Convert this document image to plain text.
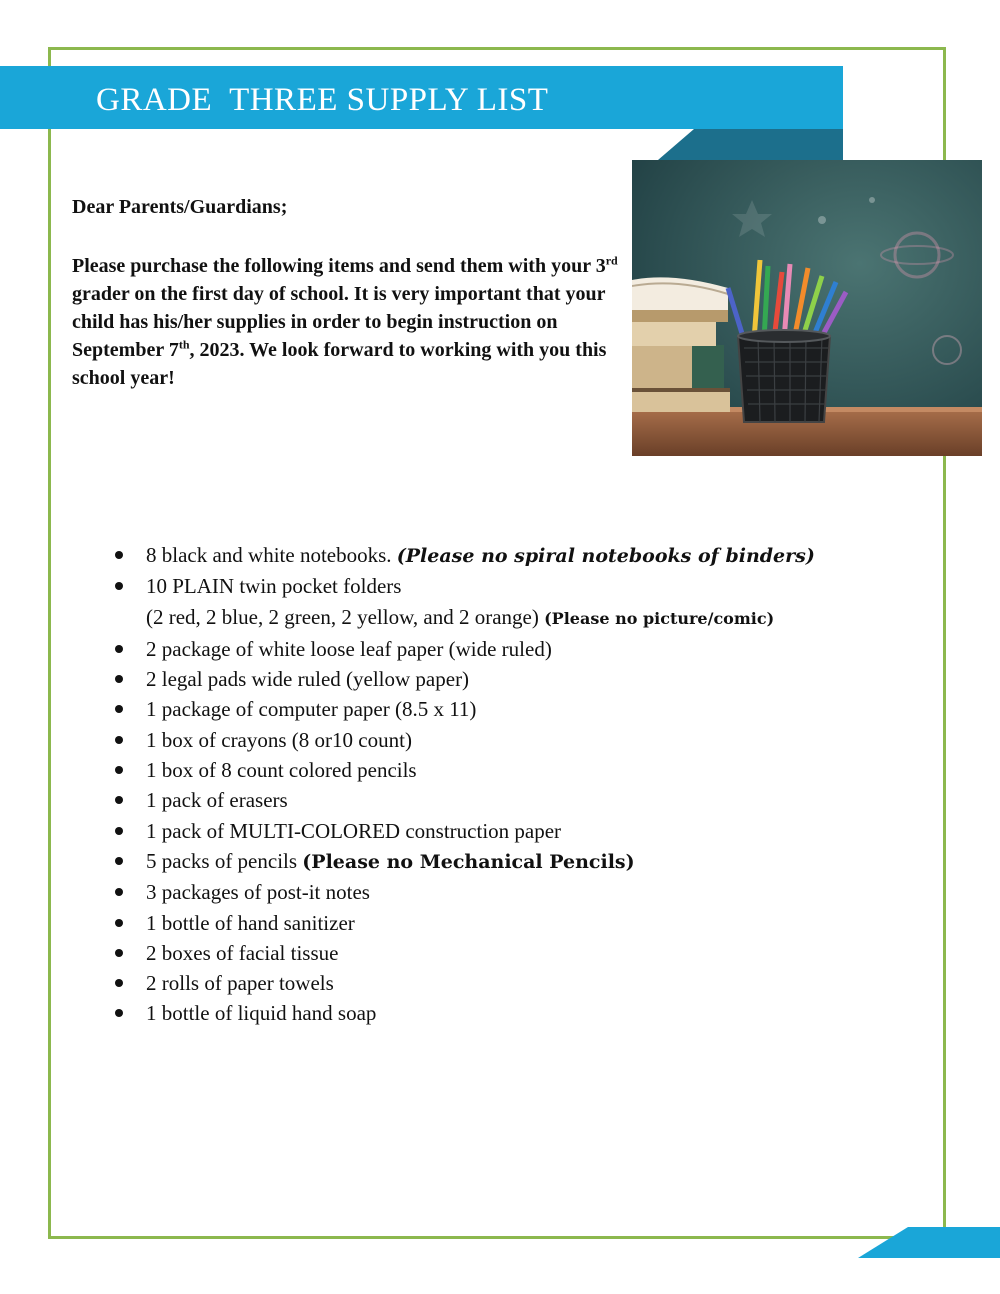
GRADE  THREE SUPPLY LIST

Dear Parents/Guardians;

Please purchase the following items and send them with your 3rd grader on the first day of school. It is very important that your child has his/her supplies in order to begin instruction on September 7th, 2023. We look forward to working with you this school year!

8 black and white notebooks. (Please no spiral notebooks of binders)
10 PLAIN twin pocket folders
(2 red, 2 blue, 2 green, 2 yellow, and 2 orange) (Please no picture/comic)
2 package of white loose leaf paper (wide ruled)
2 legal pads wide ruled (yellow paper)
1 package of computer paper (8.5 x 11)
1 box of crayons (8 or10 count)
1 box of 8 count colored pencils
1 pack of erasers
1 pack of MULTI-COLORED construction paper
5 packs of pencils (Please no Mechanical Pencils)
3 packages of post-it notes
1 bottle of hand sanitizer
2 boxes of facial tissue
2 rolls of paper towels
1 bottle of liquid hand soap
